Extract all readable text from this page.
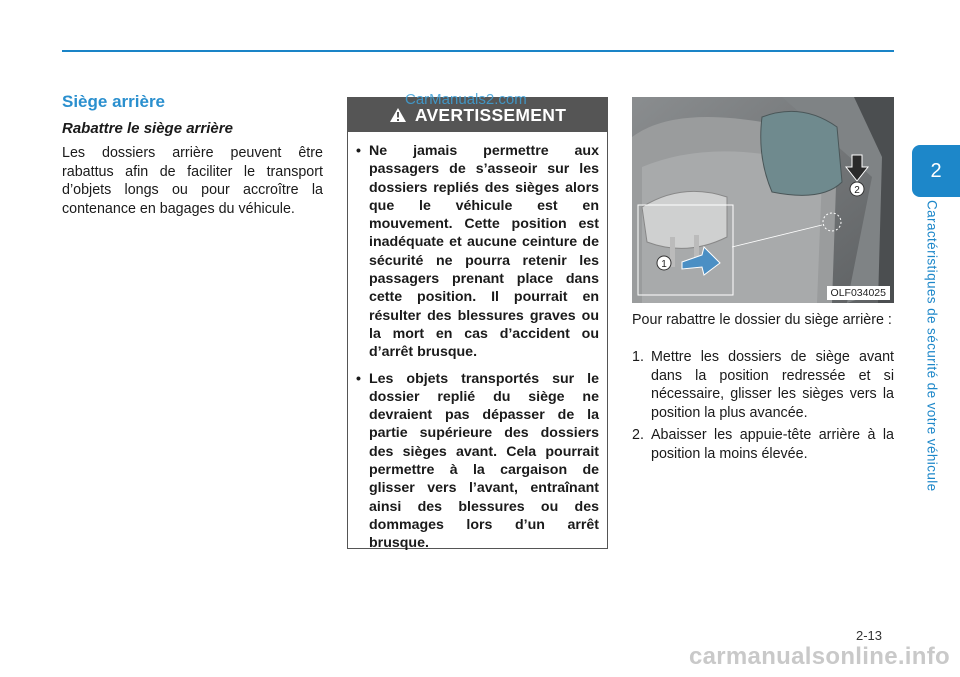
2
Caractéristiques de sécurité de votre véhicule
Siège arrière
Rabattre le siège arrière
Les dossiers arrière peuvent être rabattus afin de faciliter le transport d’objets longs ou pour accroître la contenance en bagages du véhicule.
AVERTISSEMENT
• Ne jamais permettre aux passagers de s’asseoir sur les dossiers repliés des sièges alors que le véhicule est en mouvement. Cette position est inadéquate et aucune ceinture de sécurité ne pourra retenir les passagers prenant place dans cette position. Il pourrait en résulter des blessures graves ou la mort en cas d’accident ou d’arrêt brusque.
• Les objets transportés sur le dossier replié du siège ne devraient pas dépasser de la partie supérieure des dossiers des sièges avant. Cela pourrait permettre à la cargaison de glisser vers l’avant, entraînant ainsi des blessures ou des dommages lors d’un arrêt brusque.
CarManuals2.com
1
2
OLF034025
Pour rabattre le dossier du siège arrière :
1. Mettre les dossiers de siège avant dans la position redressée et si nécessaire, glisser les sièges vers la position la plus avancée.
2. Abaisser les appuie-tête arrière à la position la moins élevée.
2-13
carmanualsonline.info
